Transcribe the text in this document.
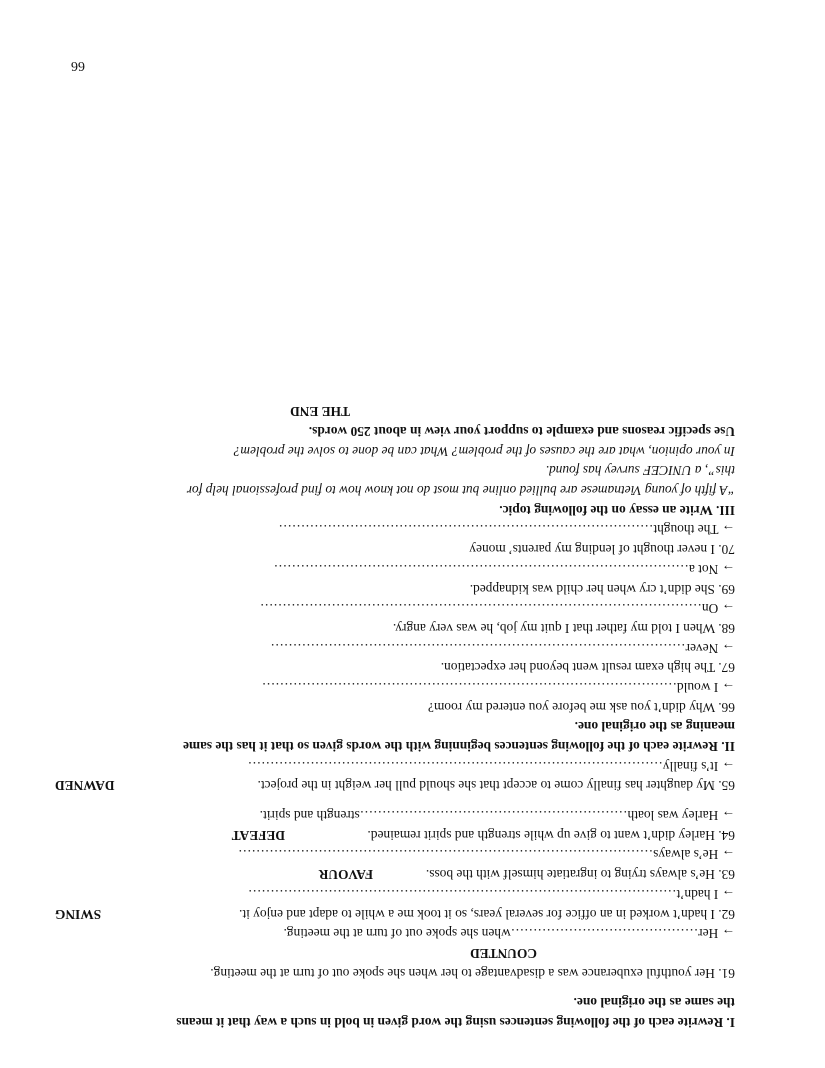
I. Rewrite each of the following sentences using the word given in bold in such a way that it means
the same as the original one.
61. Her youthful exuberance was a disadvantage to her when she spoke out of turn at the meeting.
COUNTED
→ Her……………………………………when she spoke out of turn at the meeting.
62. I hadn’t worked in an office for several years, so it took me a while to adapt and enjoy it.
SWING
→ I hadn’t……………………………………………………………………………………
63. He’s always trying to ingratiate himself with the boss.
FAVOUR
→ He’s always…………………………………………………………………………………
64. Harley didn’t want to give up while strength and spirit remained.
DEFEAT
→ Harley was loath……………………………………………………strength and spirit.
65. My daughter has finally come to accept that she should pull her weight in the project.
DAWNED
→ It’s finally…………………………………………………………………………………
II. Rewrite each of the following sentences beginning with the words given so that it has the same
meaning as the original one.
66. Why didn’t you ask me before you entered my room?
→ I would…………………………………………………………………………………
67. The high exam result went beyond her expectation.
→ Never…………………………………………………………………………………
68. When I told my father that I quit my job, he was very angry.
→ On………………………………………………………………………………………
69. She didn’t cry when her child was kidnapped.
→ Not a…………………………………………………………………………………
70. I never thought of lending my parents’ money
→ The thought…………………………………………………………………………
III. Write an essay on the following topic.
“A fifth of young Vietnamese are bullied online but most do not know how to find professional help for
this”, a UNICEF survey has found.
In your opinion, what are the causes of the problem? What can be done to solve the problem?
Use specific reasons and example to support your view in about 250 words.
THE END
66
